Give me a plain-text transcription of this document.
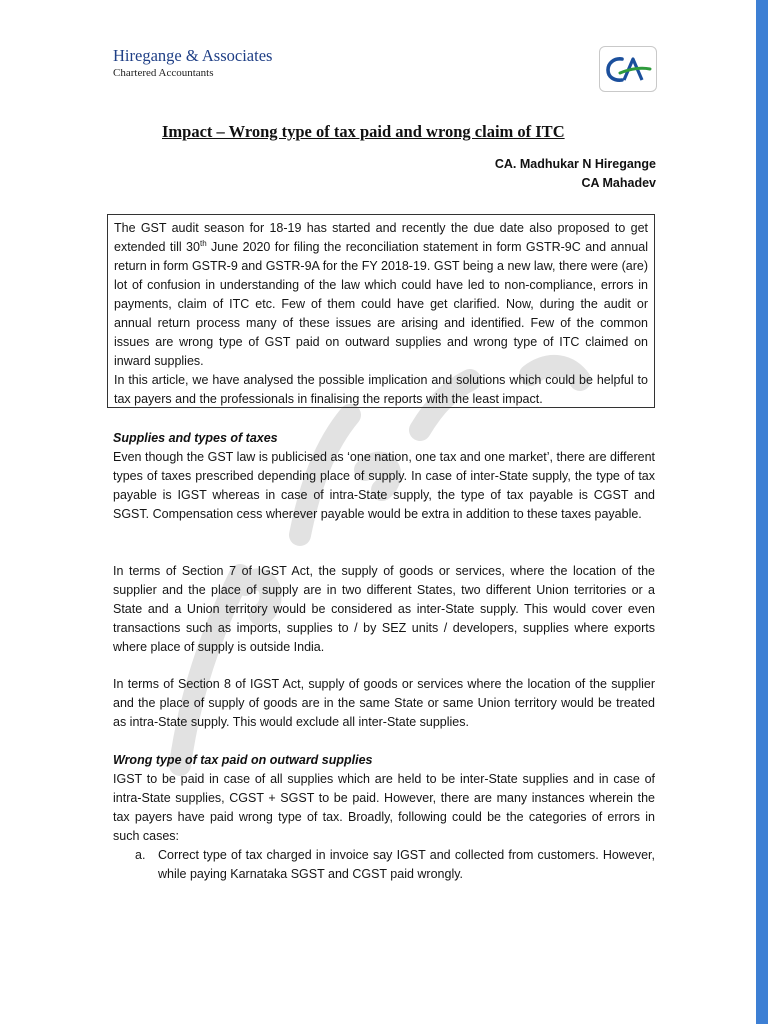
Hiregange & Associates
Chartered Accountants
Impact – Wrong type of tax paid and wrong claim of ITC
CA. Madhukar N Hiregange
CA Mahadev

The GST audit season for 18-19 has started and recently the due date also proposed to get extended till 30th June 2020 for filing the reconciliation statement in form GSTR-9C and annual return in form GSTR-9 and GSTR-9A for the FY 2018-19. GST being a new law, there were (are) lot of confusion in understanding of the law which could have led to non-compliance, errors in payments, claim of ITC etc. Few of them could have get clarified. Now, during the audit or annual return process many of these issues are arising and identified. Few of the common issues are wrong type of GST paid on outward supplies and wrong type of ITC claimed on inward supplies.

In this article, we have analysed the possible implication and solutions which could be helpful to tax payers and the professionals in finalising the reports with the least impact.

Supplies and types of taxes

Even though the GST law is publicised as ‘one nation, one tax and one market’, there are different types of taxes prescribed depending place of supply. In case of inter-State supply, the type of tax payable is IGST whereas in case of intra-State supply, the type of tax payable is CGST and SGST. Compensation cess wherever payable would be extra in addition to these taxes payable.

In terms of Section 7 of IGST Act, the supply of goods or services, where the location of the supplier and the place of supply are in two different States, two different Union territories or a State and a Union territory would be considered as inter-State supply. This would cover even transactions such as imports, supplies to / by SEZ units / developers, supplies where exports where place of supply is outside India.

In terms of Section 8 of IGST Act, supply of goods or services where the location of the supplier and the place of supply of goods are in the same State or same Union territory would be treated as intra-State supply. This would exclude all inter-State supplies.

Wrong type of tax paid on outward supplies

IGST to be paid in case of all supplies which are held to be inter-State supplies and in case of intra-State supplies, CGST + SGST to be paid. However, there are many instances wherein the tax payers have paid wrong type of tax. Broadly, following could be the categories of errors in such cases:

a.	Correct type of tax charged in invoice say IGST and collected from customers. However, while paying Karnataka SGST and CGST paid wrongly.
